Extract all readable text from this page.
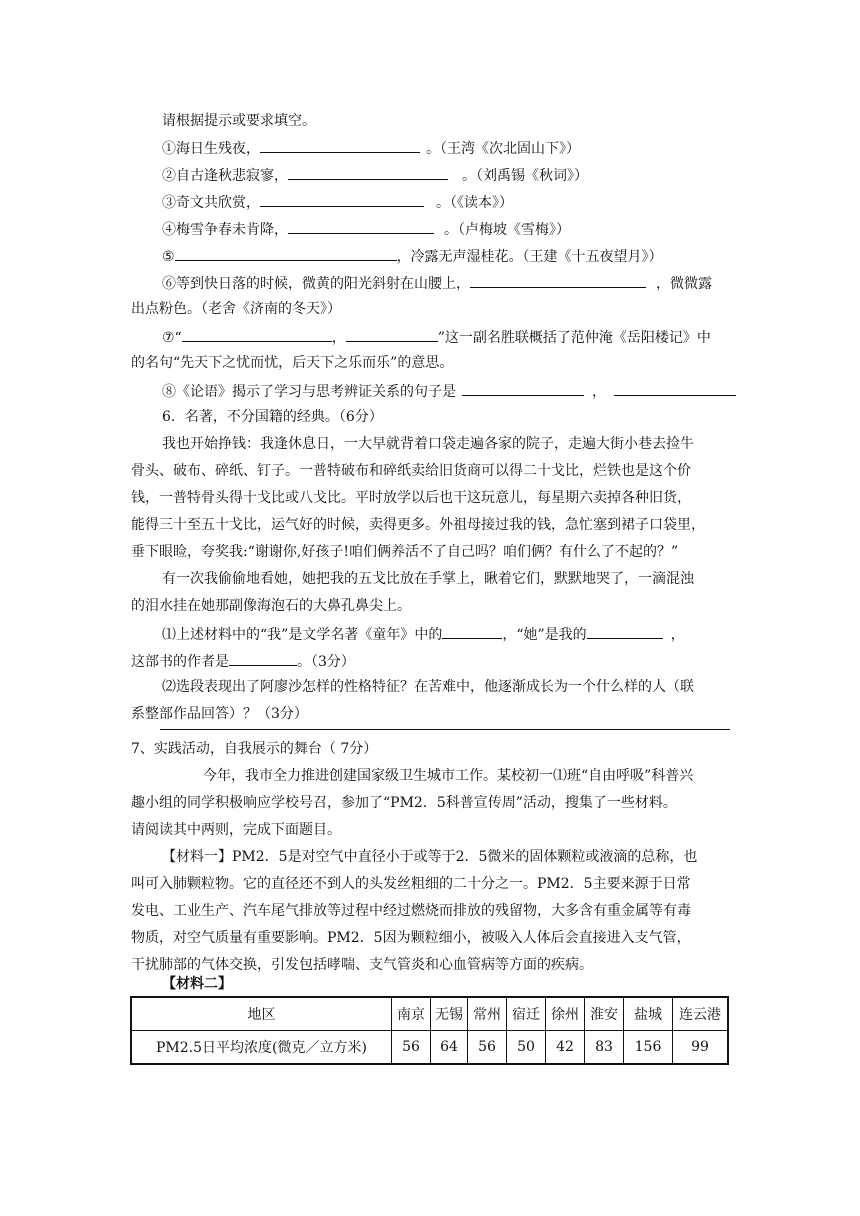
请根据提示或要求填空。
①海日生残夜，	。（王湾《次北固山下》）
②自古逢秋悲寂寥，	。（刘禹锡《秋词》）
③奇文共欣赏，	。（《读本》）
④梅雪争春未肯降，	。（卢梅坡《雪梅》）
⑤	，冷露无声湿桂花。（王建《十五夜望月》）
⑥等到快日落的时候，微黄的阳光斜射在山腰上，	，微微露
出点粉色。（老舍《济南的冬天》）
⑦“	，	”这一副名胜联概括了范仲淹《岳阳楼记》中
的名句“先天下之忧而忧，后天下之乐而乐”的意思。
⑧《论语》揭示了学习与思考辨证关系的句子是	，
6．名著，不分国籍的经典。（6分）
我也开始挣钱：我逢休息日，一大早就背着口袋走遍各家的院子，走遍大街小巷去捡牛
骨头、破布、碎纸、钉子。一普特破布和碎纸卖给旧货商可以得二十戈比，烂铁也是这个价
钱，一普特骨头得十戈比或八戈比。平时放学以后也干这玩意儿，每星期六卖掉各种旧货，
能得三十至五十戈比，运气好的时候，卖得更多。外祖母接过我的钱，急忙塞到裙子口袋里，
垂下眼睑，夸奖我:“谢谢你,好孩子!咱们俩养活不了自己吗？咱们俩？有什么了不起的？”
有一次我偷偷地看她，她把我的五戈比放在手掌上，瞅着它们，默默地哭了，一滴混浊
的泪水挂在她那副像海泡石的大鼻孔鼻尖上。
⑴上述材料中的“我”是文学名著《童年》中的	，“她”是我的	，
这部书的作者是	。（3分）
⑵选段表现出了阿廖沙怎样的性格特征？在苦难中，他逐渐成长为一个什么样的人（联
系整部作品回答）？（3分）
7、实践活动，自我展示的舞台（ 7分）
今年，我市全力推进创建国家级卫生城市工作。某校初一⑴班“自由呼吸”科普兴
趣小组的同学积极响应学校号召，参加了“PM2．5科普宣传周”活动，搜集了一些材料。
请阅读其中两则，完成下面题目。
【材料一】PM2．5是对空气中直径小于或等于2．5微米的固体颗粒或液滴的总称，也
叫可入肺颗粒物。它的直径还不到人的头发丝粗细的二十分之一。PM2．5主要来源于日常
发电、工业生产、汽车尾气排放等过程中经过燃烧而排放的残留物，大多含有重金属等有毒
物质，对空气质量有重要影响。PM2．5因为颗粒细小，被吸入人体后会直接进入支气管，
干扰肺部的气体交换，引发包括哮喘、支气管炎和心血管病等方面的疾病。
【材料二】
地区	南京	无锡	常州	宿迁	徐州	淮安	盐城	连云港
PM2.5日平均浓度(微克／立方米)	56	64	56	50	42	83	156	99
